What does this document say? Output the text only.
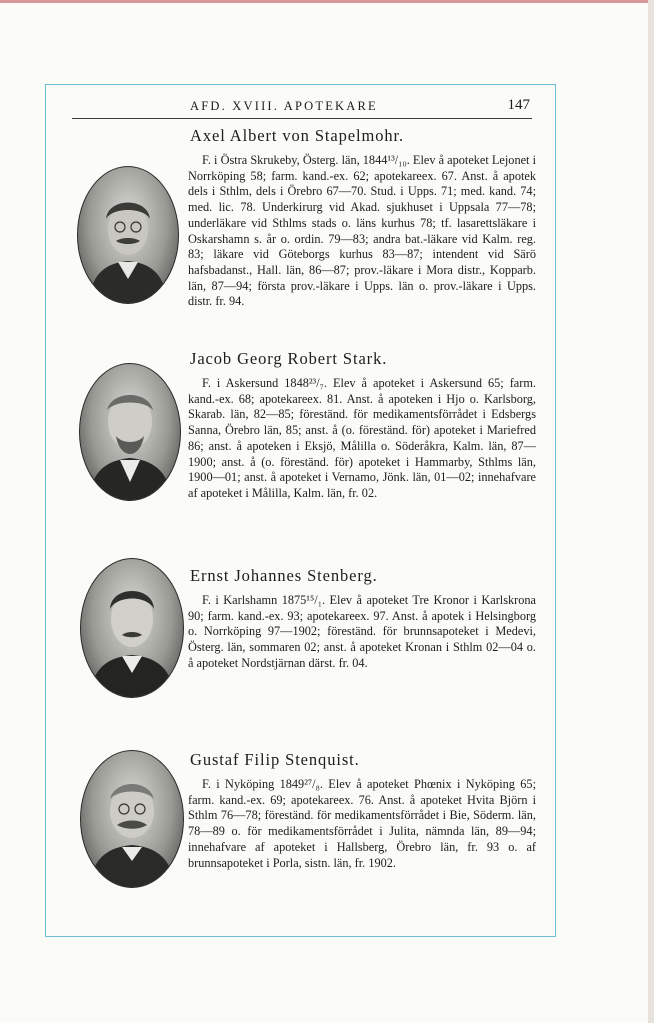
AFD. XVIII. APOTEKARE	147
Axel Albert von Stapelmohr.

F. i Östra Skrukeby, Österg. län, 1844¹³/₁₀. Elev å apoteket Lejonet i Norrköping 58; farm. kand.-ex. 62; apotekareex. 67. Anst. å apotek dels i Sthlm, dels i Örebro 67—70. Stud. i Upps. 71; med. kand. 74; med. lic. 78. Underkirurg vid Akad. sjukhuset i Uppsala 77—78; underläkare vid Sthlms stads o. läns kurhus 78; tf. lasarettsläkare i Oskarshamn s. år o. ordin. 79—83; andra bat.-läkare vid Kalm. reg. 83; läkare vid Göteborgs kurhus 83—87; intendent vid Särö hafsbadanst., Hall. län, 86—87; prov.-läkare i Mora distr., Kopparb. län, 87—94; första prov.-läkare i Upps. län o. prov.-läkare i Upps. distr. fr. 94.

Jacob Georg Robert Stark.

F. i Askersund 1848²³/₇. Elev å apoteket i Askersund 65; farm. kand.-ex. 68; apotekareex. 81. Anst. å apoteken i Hjo o. Karlsborg, Skarab. län, 82—85; föreständ. för medikamentsförrådet i Edsbergs Sanna, Örebro län, 85; anst. å (o. föreständ. för) apoteket i Mariefred 86; anst. å apoteken i Eksjö, Målilla o. Söderåkra, Kalm. län, 87—1900; anst. å (o. föreständ. för) apoteket i Hammarby, Sthlms län, 1900—01; anst. å apoteket i Vernamo, Jönk. län, 01—02; innehafvare af apoteket i Målilla, Kalm. län, fr. 02.

Ernst Johannes Stenberg.

F. i Karlshamn 1875¹⁵/₁. Elev å apoteket Tre Kronor i Karlskrona 90; farm. kand.-ex. 93; apotekareex. 97. Anst. å apotek i Helsingborg o. Norrköping 97—1902; föreständ. för brunnsapoteket i Medevi, Österg. län, sommaren 02; anst. å apoteket Kronan i Sthlm 02—04 o. å apoteket Nordstjärnan därst. fr. 04.

Gustaf Filip Stenquist.

F. i Nyköping 1849²⁷/₈. Elev å apoteket Phœnix i Nyköping 65; farm. kand.-ex. 69; apotekareex. 76. Anst. å apoteket Hvita Björn i Sthlm 76—78; föreständ. för medikamentsförrådet i Bie, Söderm. län, 78—89 o. för medikamentsförrådet i Julita, nämnda län, 89—94; innehafvare af apoteket i Hallsberg, Örebro län, fr. 93 o. af brunnsapoteket i Porla, sistn. län, fr. 1902.
